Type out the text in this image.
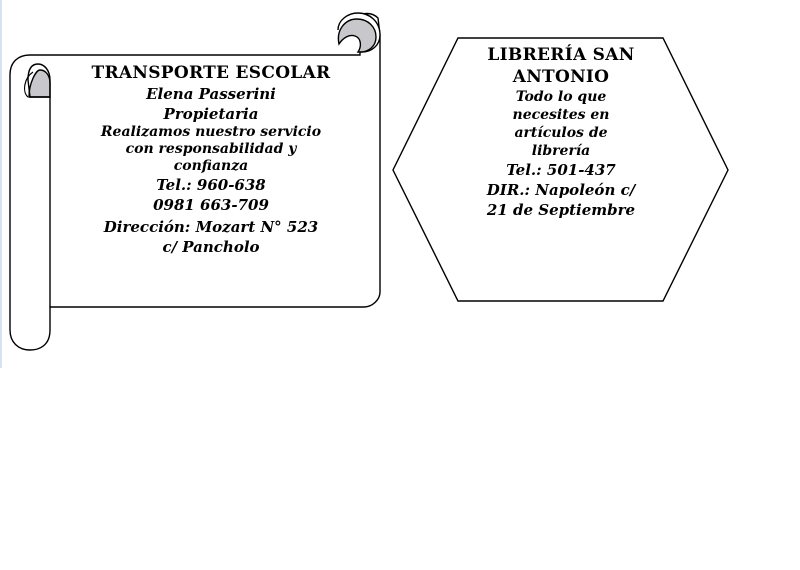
TRANSPORTE ESCOLAR
Elena Passerini
Propietaria
Realizamos nuestro servicio
con responsabilidad y
confianza
Tel.: 960-638
0981 663-709
Dirección: Mozart N° 523
c/ Pancholo
LIBRERÍA SAN
ANTONIO
Todo lo que
necesites en
artículos de
librería
Tel.: 501-437
DIR.: Napoleón c/
21 de Septiembre
